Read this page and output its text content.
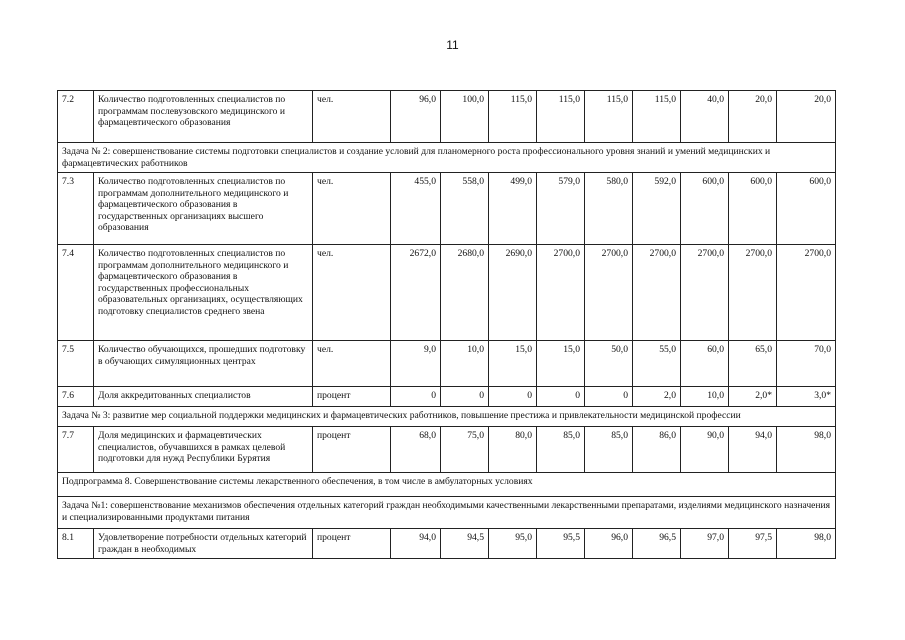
11
7.2	Количество подготовленных специалистов по программам послевузовского медицинского и фармацевтического образования	чел.	96,0	100,0	115,0	115,0	115,0	115,0	40,0	20,0	20,0
Задача № 2: совершенствование системы подготовки специалистов и создание условий для планомерного роста профессионального уровня знаний и умений медицинских и фармацевтических работников											
7.3	Количество подготовленных специалистов по программам дополнительного медицинского и фармацевтического образования в государственных организациях высшего образования	чел.	455,0	558,0	499,0	579,0	580,0	592,0	600,0	600,0	600,0
7.4	Количество подготовленных специалистов по программам дополнительного медицинского и фармацевтического образования в государственных профессиональных образовательных организациях, осуществляющих подготовку специалистов среднего звена	чел.	2672,0	2680,0	2690,0	2700,0	2700,0	2700,0	2700,0	2700,0	2700,0
7.5	Количество обучающихся, прошедших подготовку в обучающих симуляционных центрах	чел.	9,0	10,0	15,0	15,0	50,0	55,0	60,0	65,0	70,0
7.6	Доля аккредитованных специалистов	процент	0	0	0	0	0	2,0	10,0	2,0*	3,0*
Задача № 3: развитие мер социальной поддержки медицинских и фармацевтических работников, повышение престижа и привлекательности медицинской профессии											
7.7	Доля медицинских и фармацевтических специалистов, обучавшихся в рамках целевой подготовки для нужд Республики Бурятия	процент	68,0	75,0	80,0	85,0	85,0	86,0	90,0	94,0	98,0
Подпрограмма 8. Совершенствование системы лекарственного обеспечения, в том числе в амбулаторных условиях											
Задача №1: совершенствование механизмов обеспечения отдельных категорий граждан необходимыми качественными лекарственными препаратами, изделиями медицинского назначения и специализированными продуктами питания											
8.1	Удовлетворение потребности отдельных категорий граждан в необходимых	процент	94,0	94,5	95,0	95,5	96,0	96,5	97,0	97,5	98,0
